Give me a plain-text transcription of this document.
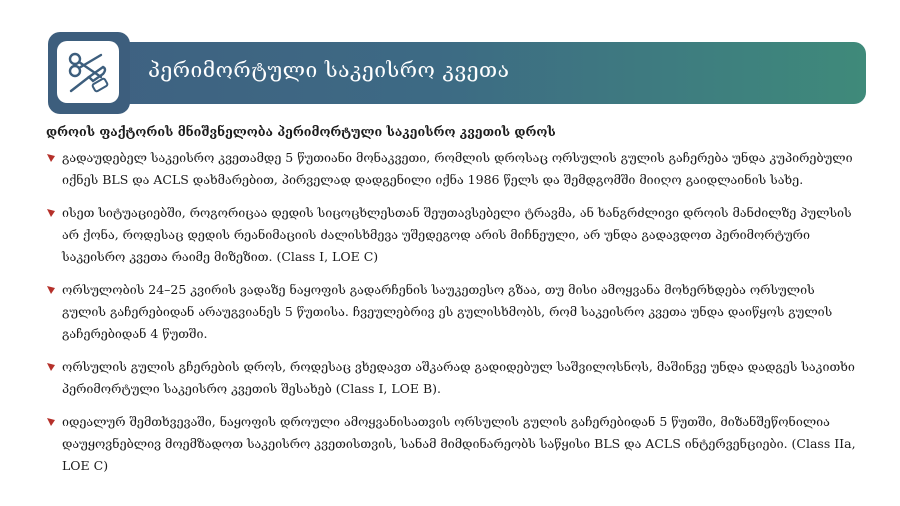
პერიმორტული საკეისრო კვეთა
დროის ფაქტორის მნიშვნელობა პერიმორტული საკეისრო კვეთის დროს
გადაუდებელ საკეისრო კვეთამდე 5 წუთიანი მონაკვეთი, რომლის დროსაც ორსულის გულის გაჩერება უნდა კუპირებული იქნეს BLS და ACLS დახმარებით, პირველად დადგენილი იქნა 1986 წელს და შემდგომში მიიღო გაიდლაინის სახე.
ისეთ სიტუაციებში, როგორიცაა დედის სიცოცხლესთან შეუთავსებელი ტრავმა, ან ხანგრძლივი დროის მანძილზე პულსის არ ქონა, როდესაც დედის რეანიმაციის ძალისხმევა უშედეგოდ არის მიჩნეული, არ უნდა გადავდოთ პერიმორტური საკეისრო კვეთა რაიმე მიზეზით. (Class I, LOE C)
ორსულობის 24–25 კვირის ვადაზე ნაყოფის გადარჩენის საუკეთესო გზაა, თუ მისი ამოყვანა მოხერხდება ორსულის გულის გაჩერებიდან არაუგვიანეს 5 წუთისა. ჩვეულებრივ ეს გულისხმობს, რომ საკეისრო კვეთა უნდა დაიწყოს გულის გაჩერებიდან 4 წუთში.
ორსულის გულის გჩერების დროს, როდესაც ვხედავთ აშკარად გადიდებულ საშვილოსნოს, მაშინვე უნდა დადგეს საკითხი პერიმორტული საკეისრო კვეთის შესახებ (Class I, LOE B).
იდეალურ შემთხვევაში, ნაყოფის დროული ამოყვანისათვის ორსულის გულის გაჩერებიდან 5 წუთში, მიზანშეწონილია დაუყოვნებლივ მოემზადოთ საკეისრო კვეთისთვის, სანამ მიმდინარეობს საწყისი BLS და ACLS ინტერვენციები. (Class IIa, LOE C)
